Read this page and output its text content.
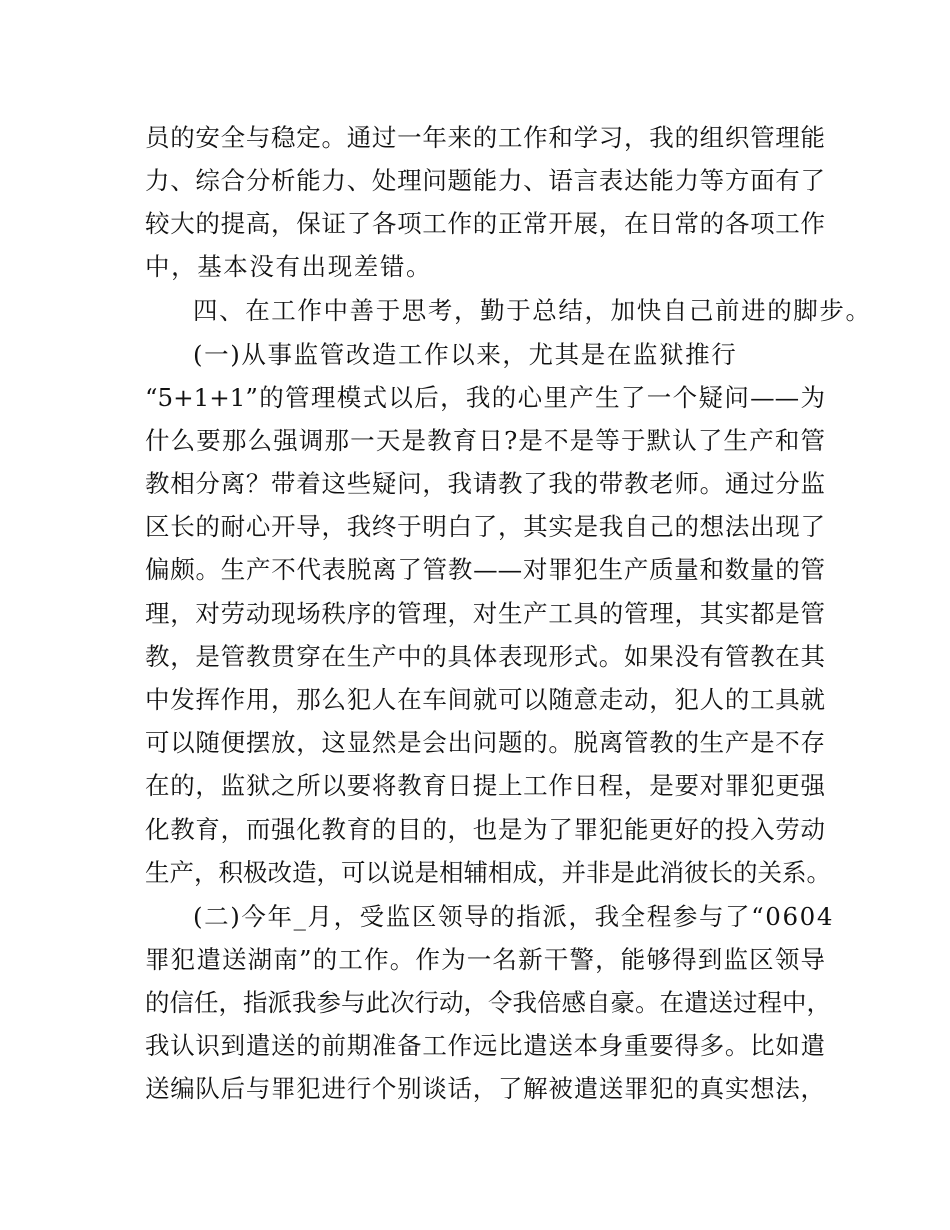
员的安全与稳定。通过一年来的工作和学习，我的组织管理能
力、综合分析能力、处理问题能力、语言表达能力等方面有了
较大的提高，保证了各项工作的正常开展，在日常的各项工作
中，基本没有出现差错。
四、在工作中善于思考，勤于总结，加快自己前进的脚步。
(一)从事监管改造工作以来，尤其是在监狱推行
“5+1+1”的管理模式以后，我的心里产生了一个疑问——为
什么要那么强调那一天是教育日?是不是等于默认了生产和管
教相分离？带着这些疑问，我请教了我的带教老师。通过分监
区长的耐心开导，我终于明白了，其实是我自己的想法出现了
偏颇。生产不代表脱离了管教——对罪犯生产质量和数量的管
理，对劳动现场秩序的管理，对生产工具的管理，其实都是管
教，是管教贯穿在生产中的具体表现形式。如果没有管教在其
中发挥作用，那么犯人在车间就可以随意走动，犯人的工具就
可以随便摆放，这显然是会出问题的。脱离管教的生产是不存
在的，监狱之所以要将教育日提上工作日程，是要对罪犯更强
化教育，而强化教育的目的，也是为了罪犯能更好的投入劳动
生产，积极改造，可以说是相辅相成，并非是此消彼长的关系。
(二)今年_月，受监区领导的指派，我全程参与了“0604
罪犯遣送湖南”的工作。作为一名新干警，能够得到监区领导
的信任，指派我参与此次行动，令我倍感自豪。在遣送过程中，
我认识到遣送的前期准备工作远比遣送本身重要得多。比如遣
送编队后与罪犯进行个别谈话，了解被遣送罪犯的真实想法，
